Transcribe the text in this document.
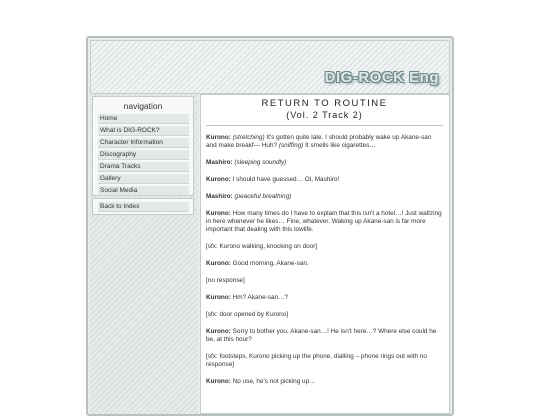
DIG-ROCK Eng
navigation
Home
What is DIG-ROCK?
Character Information
Discography
Drama Tracks
Gallery
Social Media
Back to Index
RETURN TO ROUTINE
(Vol. 2 Track 2)

Kurono: (stretching) It's gotten quite late. I should probably wake up Akane-san and make breakf— Huh? (sniffing) It smells like cigarettes…

Mashiro: (sleeping soundly)

Kurono: I should have guessed… Oi, Mashiro!

Mashiro: (peaceful breathing)

Kurono: How many times do I have to explain that this isn't a hotel…! Just waltzing in here whenever he likes… Fine, whatever. Waking up Akane-san is far more important that dealing with this lowlife.

[sfx: Kurono walking, knocking on door]

Kurono: Good morning, Akane-san.

[no response]

Kurono: Hm? Akane-san…?

[sfx: door opened by Kurono]

Kurono: Sorry to bother you, Akane-san…! He isn't here…? Where else could he be, at this hour?

[sfx: footsteps, Kurono picking up the phone, dialling – phone rings out with no response]

Kurono: No use, he's not picking up…
